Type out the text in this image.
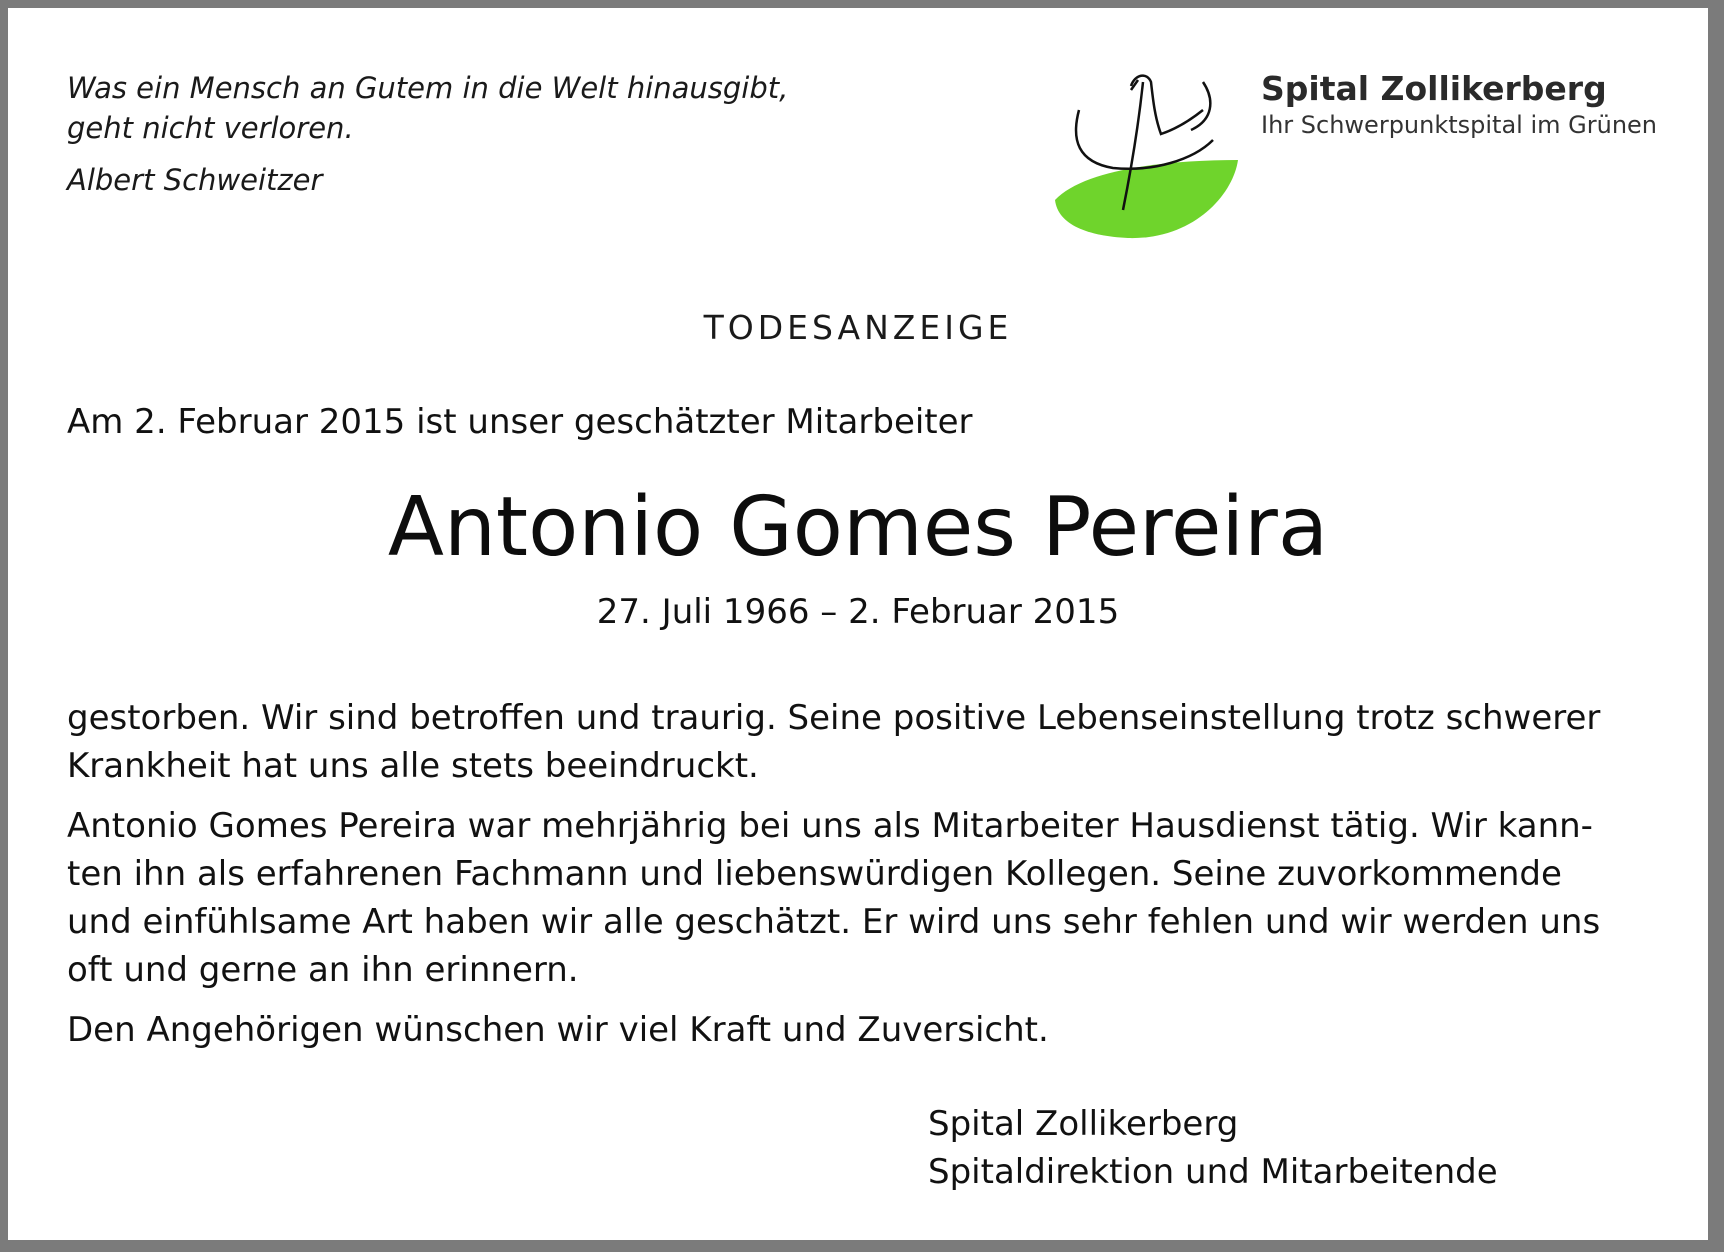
Was ein Mensch an Gutem in die Welt hinausgibt,
geht nicht verloren.
Albert Schweitzer
Spital Zollikerberg
Ihr Schwerpunktspital im Grünen
TODESANZEIGE
Am 2. Februar 2015 ist unser geschätzter Mitarbeiter
Antonio Gomes Pereira
27. Juli 1966 – 2. Februar 2015
gestorben. Wir sind betroffen und traurig. Seine positive Lebenseinstellung trotz schwerer
Krankheit hat uns alle stets beeindruckt.
Antonio Gomes Pereira war mehrjährig bei uns als Mitarbeiter Hausdienst tätig. Wir kann-
ten ihn als erfahrenen Fachmann und liebenswürdigen Kollegen. Seine zuvorkommende
und einfühlsame Art haben wir alle geschätzt. Er wird uns sehr fehlen und wir werden uns
oft und gerne an ihn erinnern.
Den Angehörigen wünschen wir viel Kraft und Zuversicht.
Spital Zollikerberg
Spitaldirektion und Mitarbeitende
